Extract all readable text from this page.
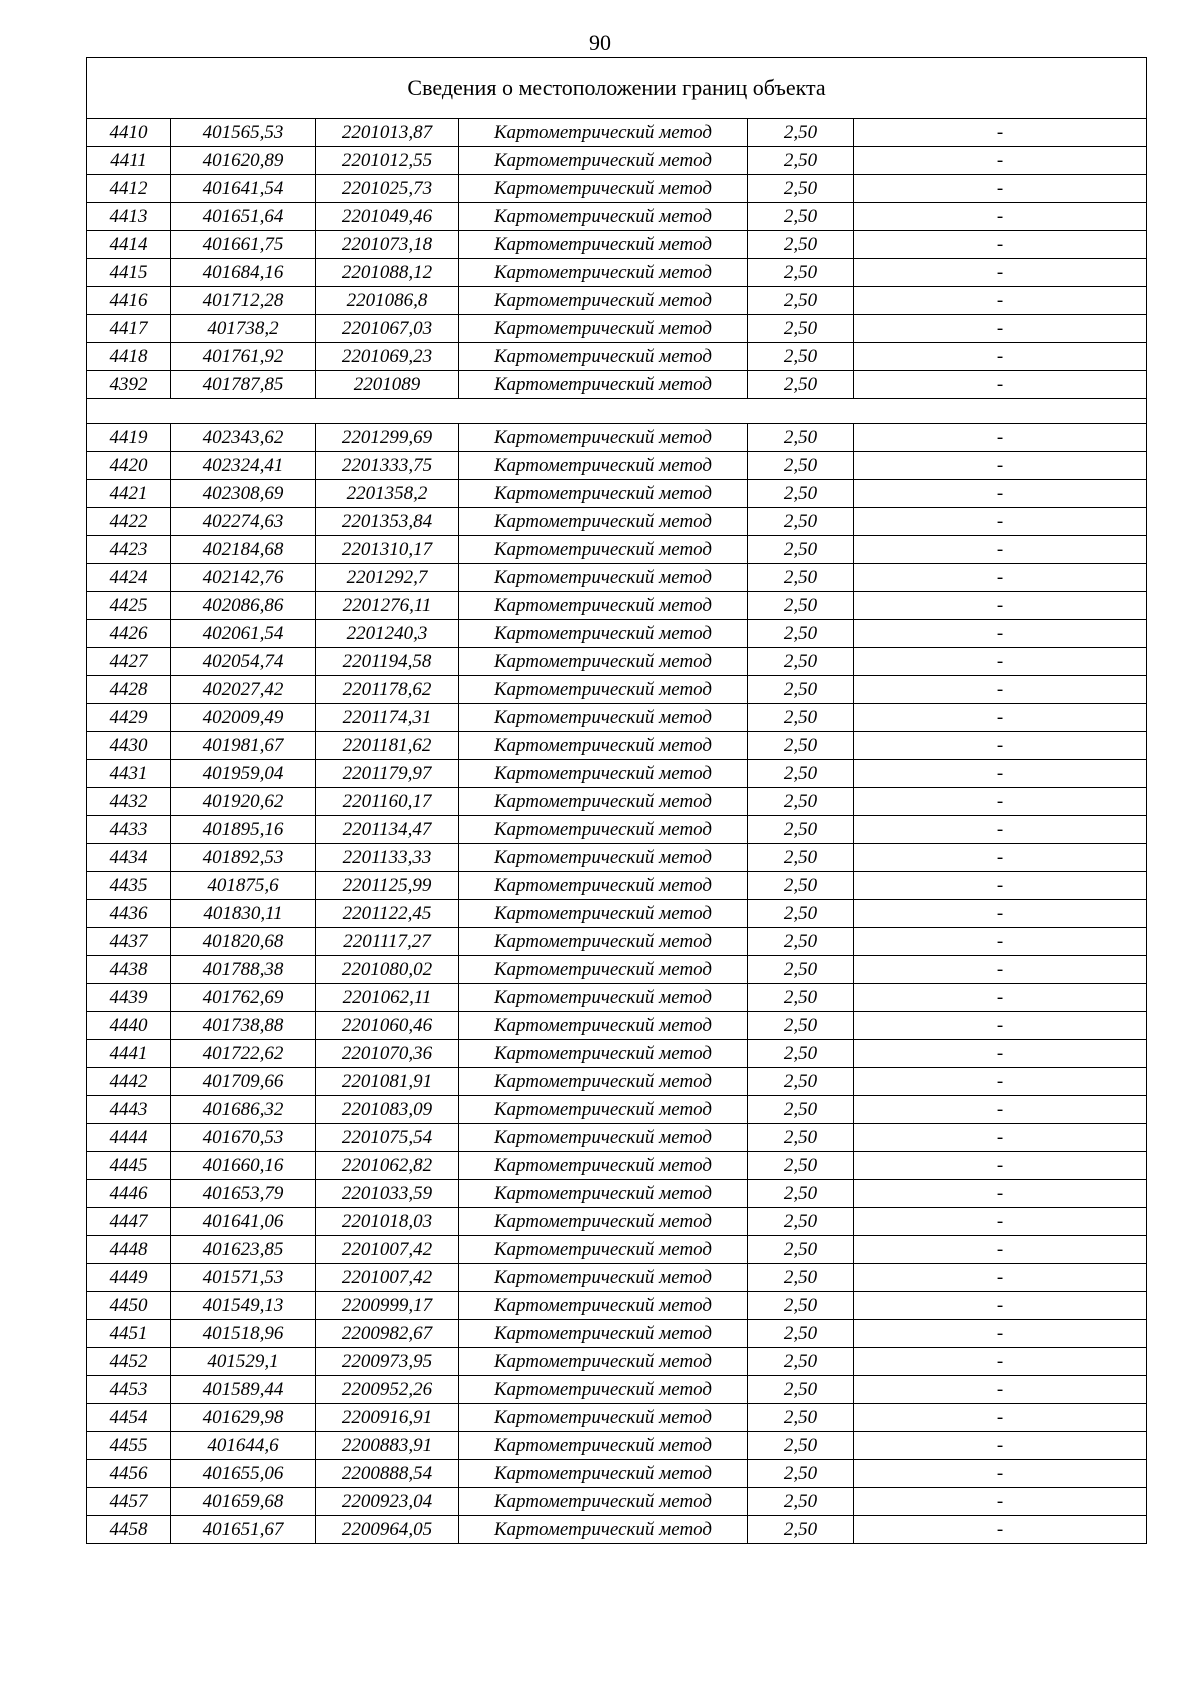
90
Сведения о местоположении границ объекта					
4410	401565,53	2201013,87	Картометрический метод	2,50	-
4411	401620,89	2201012,55	Картометрический метод	2,50	-
4412	401641,54	2201025,73	Картометрический метод	2,50	-
4413	401651,64	2201049,46	Картометрический метод	2,50	-
4414	401661,75	2201073,18	Картометрический метод	2,50	-
4415	401684,16	2201088,12	Картометрический метод	2,50	-
4416	401712,28	2201086,8	Картометрический метод	2,50	-
4417	401738,2	2201067,03	Картометрический метод	2,50	-
4418	401761,92	2201069,23	Картометрический метод	2,50	-
4392	401787,85	2201089	Картометрический метод	2,50	-

4419	402343,62	2201299,69	Картометрический метод	2,50	-
4420	402324,41	2201333,75	Картометрический метод	2,50	-
4421	402308,69	2201358,2	Картометрический метод	2,50	-
4422	402274,63	2201353,84	Картометрический метод	2,50	-
4423	402184,68	2201310,17	Картометрический метод	2,50	-
4424	402142,76	2201292,7	Картометрический метод	2,50	-
4425	402086,86	2201276,11	Картометрический метод	2,50	-
4426	402061,54	2201240,3	Картометрический метод	2,50	-
4427	402054,74	2201194,58	Картометрический метод	2,50	-
4428	402027,42	2201178,62	Картометрический метод	2,50	-
4429	402009,49	2201174,31	Картометрический метод	2,50	-
4430	401981,67	2201181,62	Картометрический метод	2,50	-
4431	401959,04	2201179,97	Картометрический метод	2,50	-
4432	401920,62	2201160,17	Картометрический метод	2,50	-
4433	401895,16	2201134,47	Картометрический метод	2,50	-
4434	401892,53	2201133,33	Картометрический метод	2,50	-
4435	401875,6	2201125,99	Картометрический метод	2,50	-
4436	401830,11	2201122,45	Картометрический метод	2,50	-
4437	401820,68	2201117,27	Картометрический метод	2,50	-
4438	401788,38	2201080,02	Картометрический метод	2,50	-
4439	401762,69	2201062,11	Картометрический метод	2,50	-
4440	401738,88	2201060,46	Картометрический метод	2,50	-
4441	401722,62	2201070,36	Картометрический метод	2,50	-
4442	401709,66	2201081,91	Картометрический метод	2,50	-
4443	401686,32	2201083,09	Картометрический метод	2,50	-
4444	401670,53	2201075,54	Картометрический метод	2,50	-
4445	401660,16	2201062,82	Картометрический метод	2,50	-
4446	401653,79	2201033,59	Картометрический метод	2,50	-
4447	401641,06	2201018,03	Картометрический метод	2,50	-
4448	401623,85	2201007,42	Картометрический метод	2,50	-
4449	401571,53	2201007,42	Картометрический метод	2,50	-
4450	401549,13	2200999,17	Картометрический метод	2,50	-
4451	401518,96	2200982,67	Картометрический метод	2,50	-
4452	401529,1	2200973,95	Картометрический метод	2,50	-
4453	401589,44	2200952,26	Картометрический метод	2,50	-
4454	401629,98	2200916,91	Картометрический метод	2,50	-
4455	401644,6	2200883,91	Картометрический метод	2,50	-
4456	401655,06	2200888,54	Картометрический метод	2,50	-
4457	401659,68	2200923,04	Картометрический метод	2,50	-
4458	401651,67	2200964,05	Картометрический метод	2,50	-
